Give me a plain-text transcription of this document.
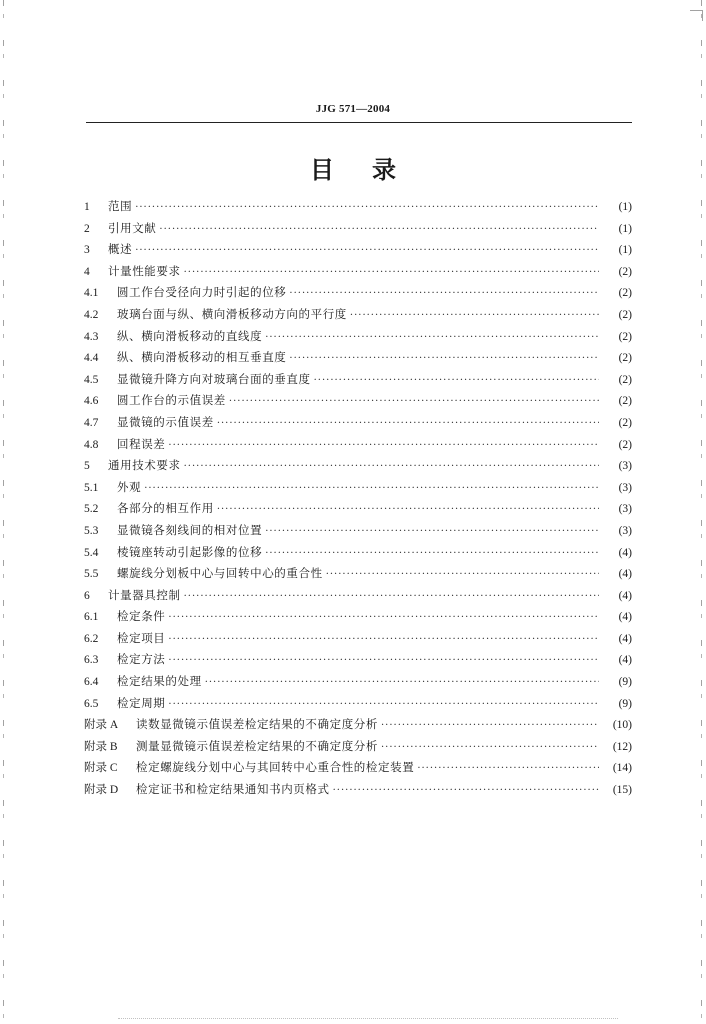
JJG 571—2004
目录
1	范围 ·····	(1)
2	引用文献 ·····	(1)
3	概述 ·····	(1)
4	计量性能要求 ·····	(2)
4.1	圆工作台受径向力时引起的位移 ·····	(2)
4.2	玻璃台面与纵、横向滑板移动方向的平行度 ·····	(2)
4.3	纵、横向滑板移动的直线度 ·····	(2)
4.4	纵、横向滑板移动的相互垂直度 ·····	(2)
4.5	显微镜升降方向对玻璃台面的垂直度 ·····	(2)
4.6	圆工作台的示值误差 ·····	(2)
4.7	显微镜的示值误差 ·····	(2)
4.8	回程误差 ·····	(2)
5	通用技术要求 ·····	(3)
5.1	外观 ·····	(3)
5.2	各部分的相互作用 ·····	(3)
5.3	显微镜各刻线间的相对位置 ·····	(3)
5.4	棱镜座转动引起影像的位移 ·····	(4)
5.5	螺旋线分划板中心与回转中心的重合性 ·····	(4)
6	计量器具控制 ·····	(4)
6.1	检定条件 ·····	(4)
6.2	检定项目 ·····	(4)
6.3	检定方法 ·····	(4)
6.4	检定结果的处理 ·····	(9)
6.5	检定周期 ·····	(9)
附录 A	读数显微镜示值误差检定结果的不确定度分析 ·····	(10)
附录 B	测量显微镜示值误差检定结果的不确定度分析 ·····	(12)
附录 C	检定螺旋线分划中心与其回转中心重合性的检定装置 ·····	(14)
附录 D	检定证书和检定结果通知书内页格式 ·····	(15)
